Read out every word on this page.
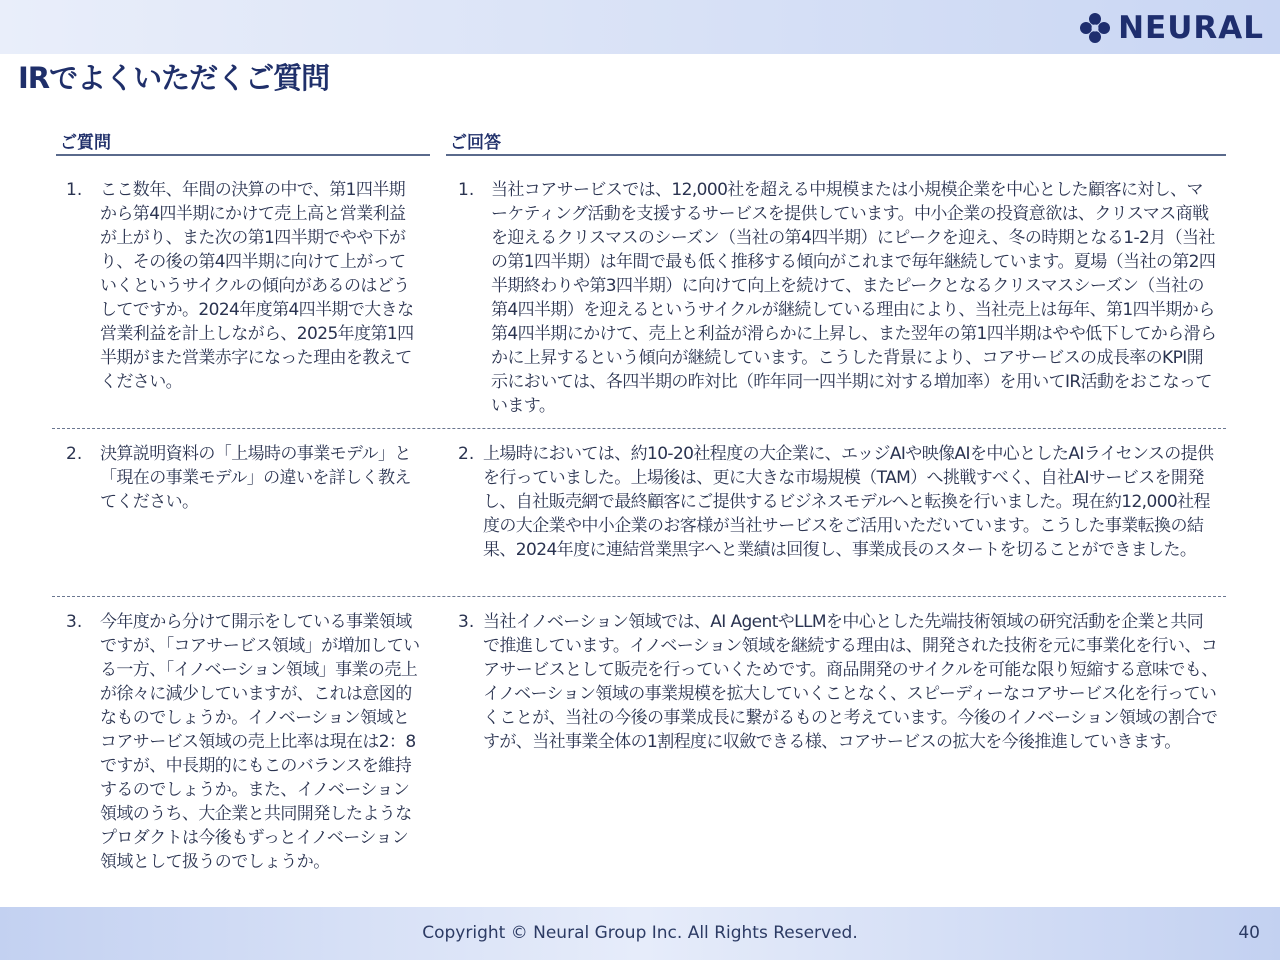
NEURAL
IRでよくいただくご質問
ご質問	ご回答
1. ここ数年、年間の決算の中で、第1四半期から第4四半期にかけて売上高と営業利益が上がり、また次の第1四半期でやや下がり、その後の第4四半期に向けて上がっていくというサイクルの傾向があるのはどうしてですか。2024年度第4四半期で大きな営業利益を計上しながら、2025年度第1四半期がまた営業赤字になった理由を教えてください。
1. 当社コアサービスでは、12,000社を超える中規模または小規模企業を中心とした顧客に対し、マーケティング活動を支援するサービスを提供しています。中小企業の投資意欲は、クリスマス商戦を迎えるクリスマスのシーズン（当社の第4四半期）にピークを迎え、冬の時期となる1-2月（当社の第1四半期）は年間で最も低く推移する傾向がこれまで毎年継続しています。夏場（当社の第2四半期終わりや第3四半期）に向けて向上を続けて、またピークとなるクリスマスシーズン（当社の第4四半期）を迎えるというサイクルが継続している理由により、当社売上は毎年、第1四半期から第4四半期にかけて、売上と利益が滑らかに上昇し、また翌年の第1四半期はやや低下してから滑らかに上昇するという傾向が継続しています。こうした背景により、コアサービスの成長率のKPI開示においては、各四半期の昨対比（昨年同一四半期に対する増加率）を用いてIR活動をおこなっています。
2. 決算説明資料の「上場時の事業モデル」と「現在の事業モデル」の違いを詳しく教えてください。
2. 上場時においては、約10-20社程度の大企業に、エッジAIや映像AIを中心としたAIライセンスの提供を行っていました。上場後は、更に大きな市場規模（TAM）へ挑戦すべく、自社AIサービスを開発し、自社販売網で最終顧客にご提供するビジネスモデルへと転換を行いました。現在約12,000社程度の大企業や中小企業のお客様が当社サービスをご活用いただいています。こうした事業転換の結果、2024年度に連結営業黒字へと業績は回復し、事業成長のスタートを切ることができました。
3. 今年度から分けて開示をしている事業領域ですが、「コアサービス領域」が増加している一方、「イノベーション領域」事業の売上が徐々に減少していますが、これは意図的なものでしょうか。イノベーション領域とコアサービス領域の売上比率は現在は2：8ですが、中長期的にもこのバランスを維持するのでしょうか。また、イノベーション領域のうち、大企業と共同開発したようなプロダクトは今後もずっとイノベーション領域として扱うのでしょうか。
3. 当社イノベーション領域では、AI AgentやLLMを中心とした先端技術領域の研究活動を企業と共同で推進しています。イノベーション領域を継続する理由は、開発された技術を元に事業化を行い、コアサービスとして販売を行っていくためです。商品開発のサイクルを可能な限り短縮する意味でも、イノベーション領域の事業規模を拡大していくことなく、スピーディーなコアサービス化を行っていくことが、当社の今後の事業成長に繋がるものと考えています。今後のイノベーション領域の割合ですが、当社事業全体の1割程度に収斂できる様、コアサービスの拡大を今後推進していきます。
Copyright © Neural Group Inc. All Rights Reserved.	40
